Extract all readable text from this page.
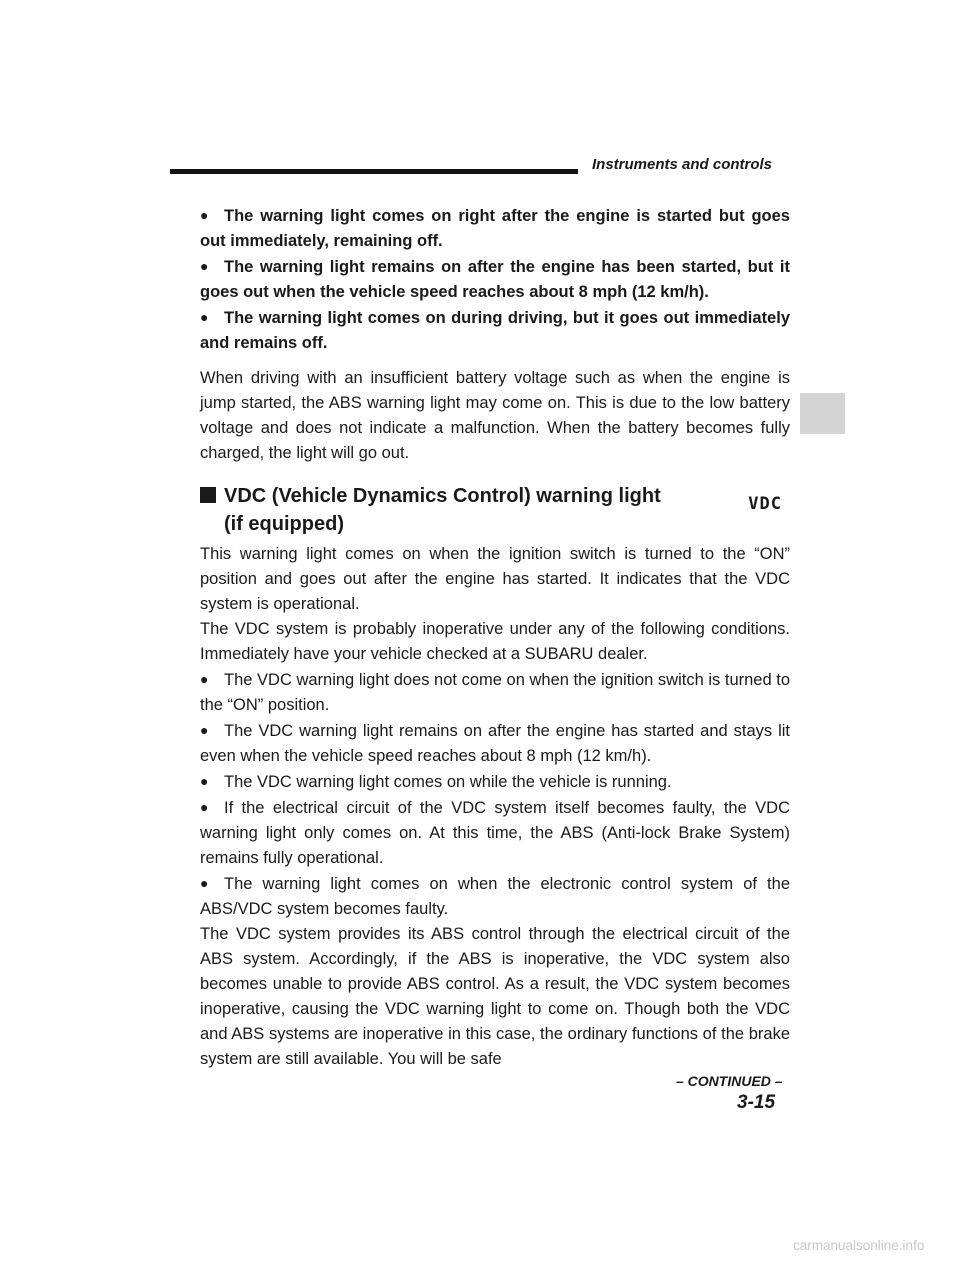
Instruments and controls

● The warning light comes on right after the engine is started but goes out immediately, remaining off.

● The warning light remains on after the engine has been started, but it goes out when the vehicle speed reaches about 8 mph (12 km/h).

● The warning light comes on during driving, but it goes out immediately and remains off.

When driving with an insufficient battery voltage such as when the engine is jump started, the ABS warning light may come on. This is due to the low battery voltage and does not indicate a malfunction. When the battery becomes fully charged, the light will go out.

VDC (Vehicle Dynamics Control) warning light
(if equipped)
VDC

This warning light comes on when the ignition switch is turned to the “ON” position and goes out after the engine has started. It indicates that the VDC system is operational.

The VDC system is probably inoperative under any of the following conditions. Immediately have your vehicle checked at a SUBARU dealer.

● The VDC warning light does not come on when the ignition switch is turned to the “ON” position.

● The VDC warning light remains on after the engine has started and stays lit even when the vehicle speed reaches about 8 mph (12 km/h).

● The VDC warning light comes on while the vehicle is running.

● If the electrical circuit of the VDC system itself becomes faulty, the VDC warning light only comes on. At this time, the ABS (Anti-lock Brake System) remains fully operational.

● The warning light comes on when the electronic control system of the ABS/VDC system becomes faulty.

The VDC system provides its ABS control through the electrical circuit of the ABS system. Accordingly, if the ABS is inoperative, the VDC system also becomes unable to provide ABS control. As a result, the VDC system becomes inoperative, causing the VDC warning light to come on. Though both the VDC and ABS systems are inoperative in this case, the ordinary functions of the brake system are still available. You will be safe

– CONTINUED –
3-15
carmanualsonline.info
